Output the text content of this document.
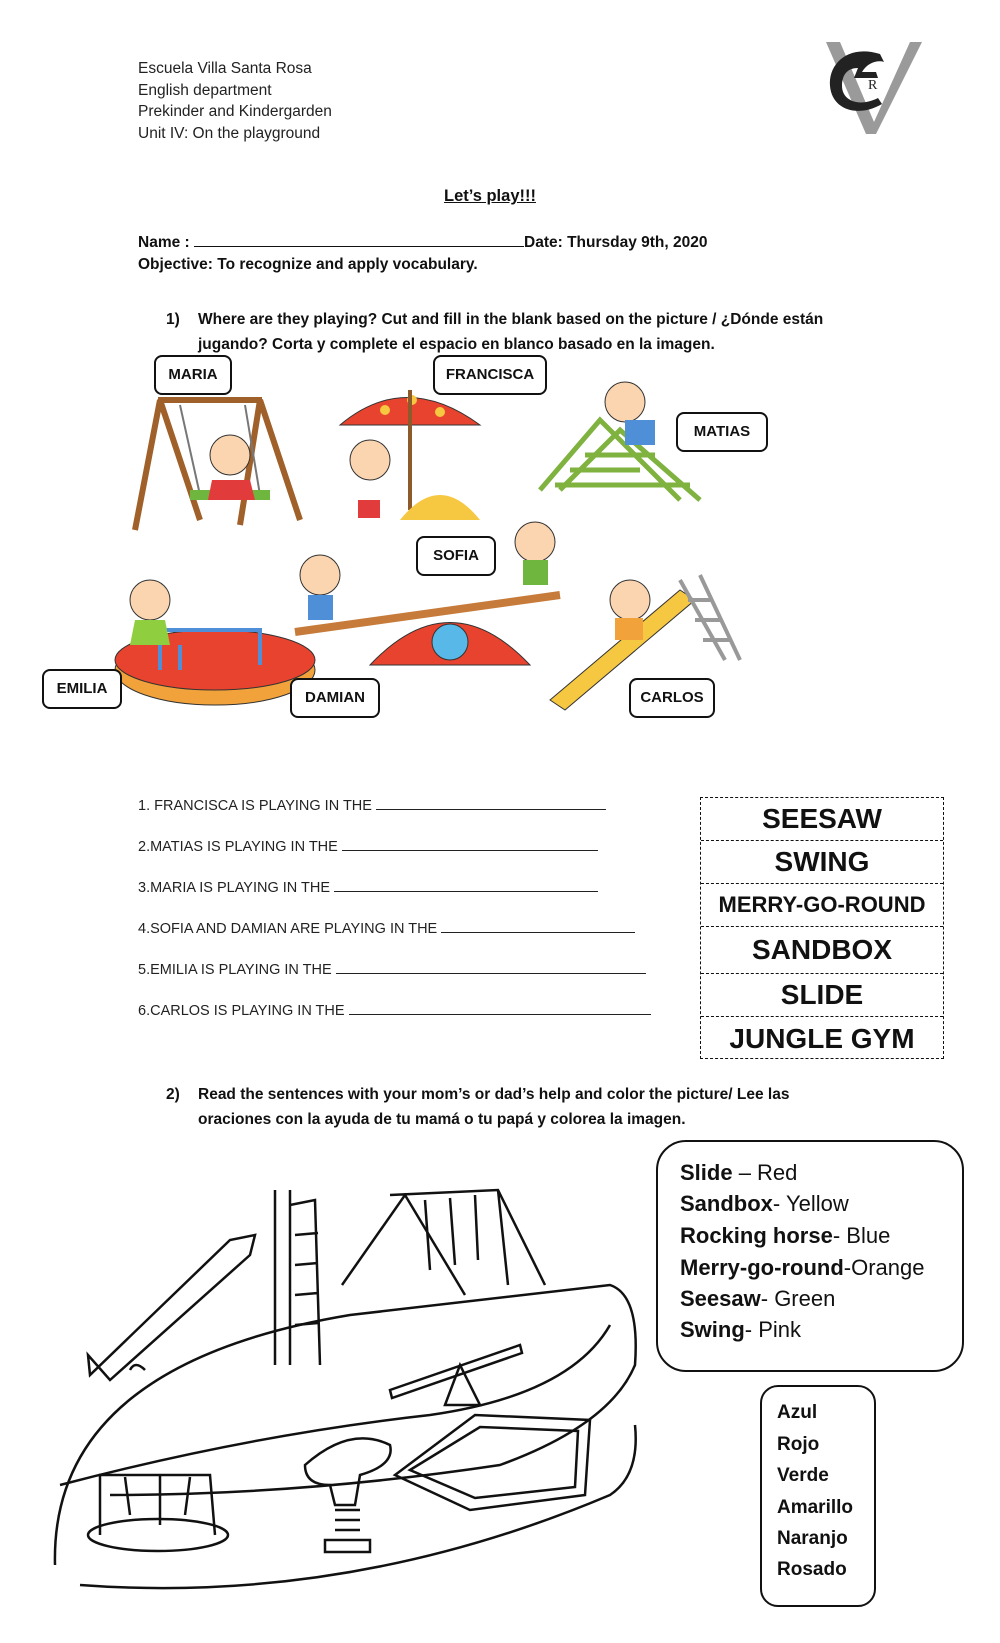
Escuela Villa Santa Rosa
English department
Prekinder and Kindergarden
Unit IV: On the playground
S
R
Let’s play!!!
Name :	Date: Thursday 9th, 2020
Objective: To recognize and apply vocabulary.
1) Where are they playing? Cut and fill in the blank based on the picture / ¿Dónde están jugando? Corta y complete el espacio en blanco basado en la imagen.
MARIA	FRANCISCA
MATIAS
SOFIA
EMILIA
DAMIAN	CARLOS
1. FRANCISCA IS PLAYING IN THE
2.MATIAS IS PLAYING IN THE
3.MARIA IS PLAYING IN THE
4.SOFIA AND DAMIAN ARE PLAYING IN THE
5.EMILIA IS PLAYING IN THE
6.CARLOS IS PLAYING IN THE
SEESAW
SWING
MERRY-GO-ROUND
SANDBOX
SLIDE
JUNGLE GYM
2) Read the sentences with your mom’s or dad’s help and color the picture/ Lee las oraciones con la ayuda de tu mamá o tu papá y colorea la imagen.
Slide – Red
Sandbox- Yellow
Rocking horse- Blue
Merry-go-round-Orange
Seesaw- Green
Swing- Pink
Azul
Rojo
Verde
Amarillo
Naranjo
Rosado
